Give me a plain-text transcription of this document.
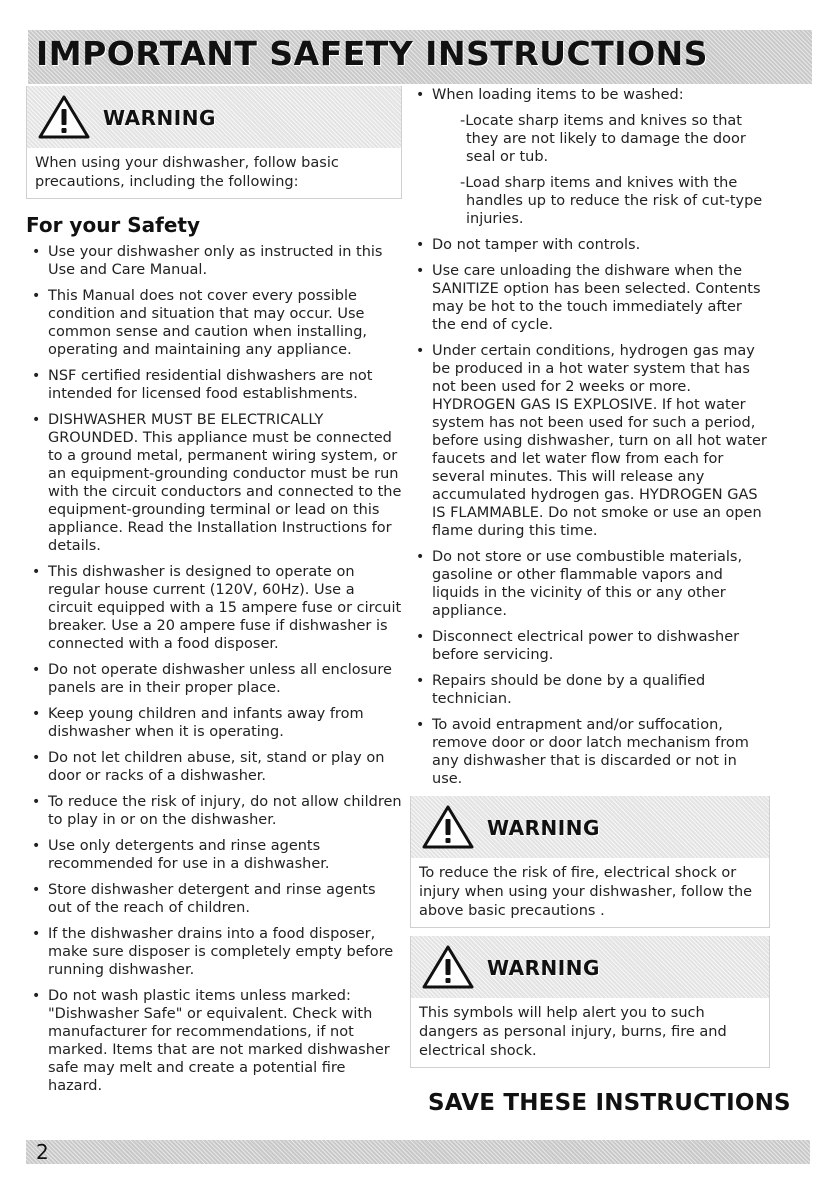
IMPORTANT SAFETY INSTRUCTIONS
WARNING
When using your dishwasher, follow basic precautions, including the following:
For your Safety
• Use your dishwasher only as instructed in this Use and Care Manual.
• This Manual does not cover every possible condition and situation that may occur. Use common sense and caution when installing, operating and maintaining any appliance.
• NSF certified residential dishwashers are not intended for licensed food establishments.
• DISHWASHER MUST BE ELECTRICALLY GROUNDED. This appliance must be connected to a ground metal, permanent wiring system, or an equipment-grounding conductor must be run with the circuit conductors and connected to the equipment-grounding terminal or lead on this appliance. Read the Installation Instructions for details.
• This dishwasher is designed to operate on regular house current (120V, 60Hz). Use a circuit equipped with a 15 ampere fuse or circuit breaker. Use a 20 ampere fuse if dishwasher is connected with a food disposer.
• Do not operate dishwasher unless all enclosure panels are in their proper place.
• Keep young children and infants away from dishwasher when it is operating.
• Do not let children abuse, sit, stand or play on door or racks of a dishwasher.
• To reduce the risk of injury, do not allow children to play in or on the dishwasher.
• Use only detergents and rinse agents recommended for use in a dishwasher.
• Store dishwasher detergent and rinse agents out of the reach of children.
• If the dishwasher drains into a food disposer, make sure disposer is completely empty before running dishwasher.
• Do not wash plastic items unless marked: "Dishwasher Safe" or equivalent. Check with manufacturer for recommendations, if not marked. Items that are not marked dishwasher safe may melt and create a potential fire hazard.
• When loading items to be washed:
-Locate sharp items and knives so that they are not likely to damage the door seal or tub.
-Load sharp items and knives with the handles up to reduce the risk of cut-type injuries.
• Do not tamper with controls.
• Use care unloading the dishware when the SANITIZE option has been selected. Contents may be hot to the touch immediately after the end of cycle.
• Under certain conditions, hydrogen gas may be produced in a hot water system that has not been used for 2 weeks or more. HYDROGEN GAS IS EXPLOSIVE. If hot water system has not been used for such a period, before using dishwasher, turn on all hot water faucets and let water flow from each for several minutes. This will release any accumulated hydrogen gas. HYDROGEN GAS IS FLAMMABLE. Do not smoke or use an open flame during this time.
• Do not store or use combustible materials, gasoline or other flammable vapors and liquids in the vicinity of this or any other appliance.
• Disconnect electrical power to dishwasher before servicing.
• Repairs should be done by a qualified technician.
• To avoid entrapment and/or suffocation, remove door or door latch mechanism from any dishwasher that is discarded or not in use.
WARNING
To reduce the risk of fire, electrical shock or injury when using your dishwasher, follow the above basic precautions .
WARNING
This symbols will help alert you to such dangers as personal injury, burns, fire and electrical shock.
SAVE THESE INSTRUCTIONS
2
